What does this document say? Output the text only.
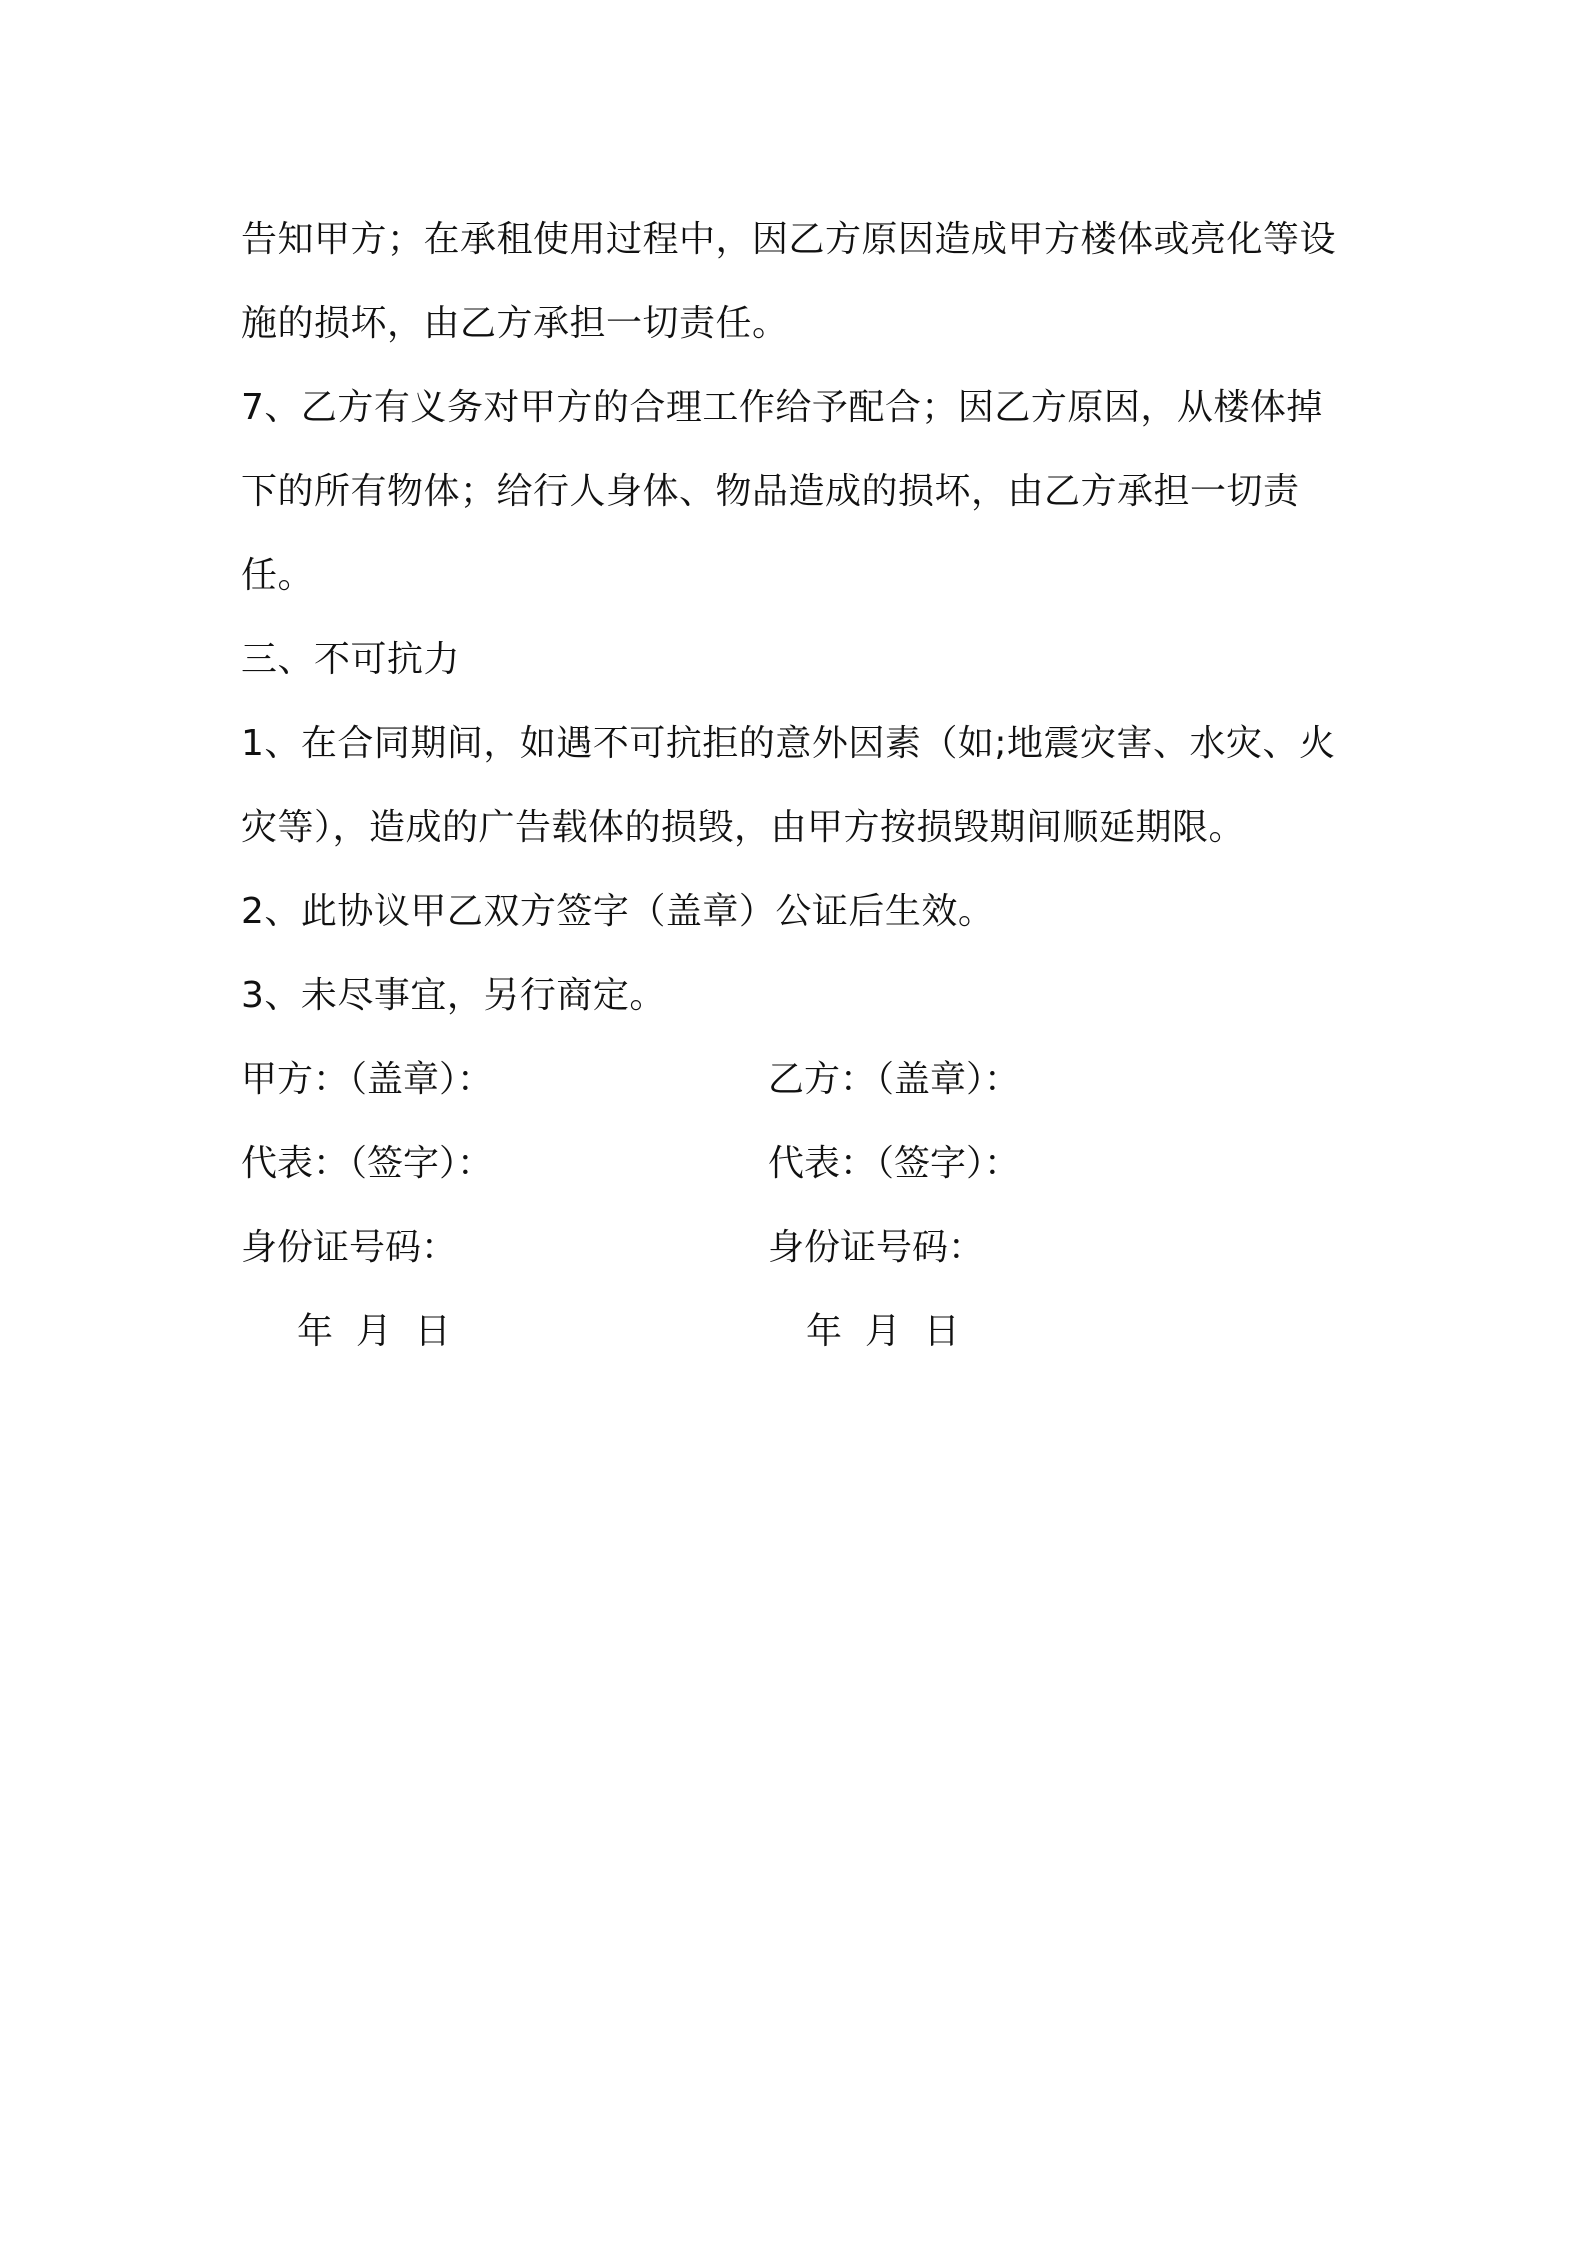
告知甲方；在承租使用过程中，因乙方原因造成甲方楼体或亮化等设施的损坏，由乙方承担一切责任。

7、乙方有义务对甲方的合理工作给予配合；因乙方原因，从楼体掉下的所有物体；给行人身体、物品造成的损坏，由乙方承担一切责任。

三、不可抗力

1、在合同期间，如遇不可抗拒的意外因素（如;地震灾害、水灾、火灾等），造成的广告载体的损毁，由甲方按损毁期间顺延期限。

2、此协议甲乙双方签字（盖章）公证后生效。

3、未尽事宜，另行商定。

甲方：（盖章）：	乙方：（盖章）：
代表：（签字）：	代表：（签字）：
身份证号码：	身份证号码：
年  月  日	年  月  日
